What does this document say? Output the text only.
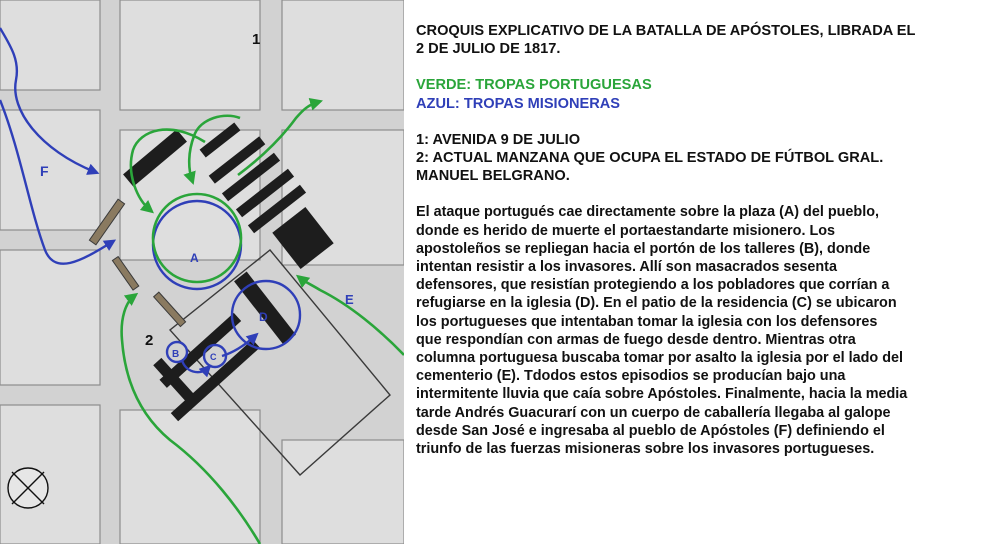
1
2
A
B	C
D
E
F

CROQUIS EXPLICATIVO DE LA BATALLA DE APÓSTOLES, LIBRADA EL

2 DE JULIO DE 1817.

VERDE: TROPAS PORTUGUESAS

AZUL: TROPAS MISIONERAS

1: AVENIDA 9 DE JULIO

2: ACTUAL MANZANA QUE OCUPA EL ESTADO DE FÚTBOL GRAL.

MANUEL BELGRANO.

El ataque portugués cae directamente sobre la plaza (A) del pueblo,

donde es herido de muerte el portaestandarte misionero. Los

apostoleños se repliegan hacia el portón de los talleres (B), donde

intentan resistir a los invasores. Allí son masacrados sesenta

defensores, que resistían protegiendo a los pobladores que corrían a

refugiarse en la iglesia (D). En el patio de la residencia (C) se ubicaron

los portugueses que intentaban tomar la iglesia con los defensores

que respondían con armas de fuego desde dentro. Mientras otra

columna portuguesa buscaba tomar por asalto la iglesia por el lado del

cementerio (E). Tdodos estos episodios se producían bajo una

intermitente lluvia que caía sobre Apóstoles. Finalmente, hacia la media

tarde Andrés Guacurarí con un cuerpo de caballería llegaba al galope

desde San José e ingresaba al pueblo de Apóstoles (F) definiendo el

triunfo de las fuerzas misioneras sobre los invasores portugueses.
